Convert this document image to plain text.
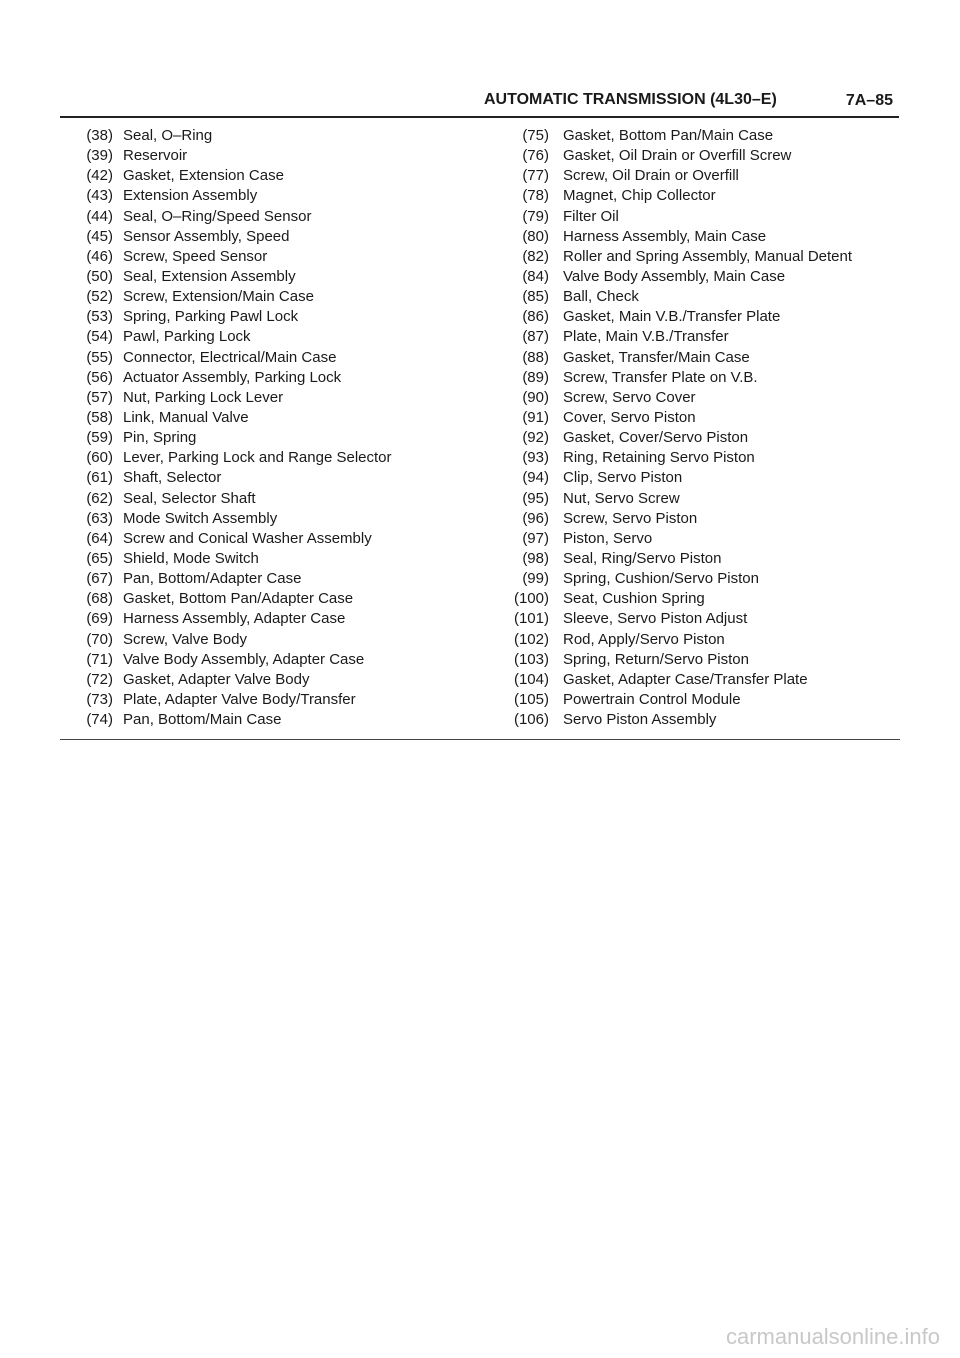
AUTOMATIC TRANSMISSION (4L30–E)	7A–85
(38) Seal, O–Ring
(39) Reservoir
(42) Gasket, Extension Case
(43) Extension Assembly
(44) Seal, O–Ring/Speed Sensor
(45) Sensor Assembly, Speed
(46) Screw, Speed Sensor
(50) Seal, Extension Assembly
(52) Screw, Extension/Main Case
(53) Spring, Parking Pawl Lock
(54) Pawl, Parking Lock
(55) Connector, Electrical/Main Case
(56) Actuator Assembly, Parking Lock
(57) Nut, Parking Lock Lever
(58) Link, Manual Valve
(59) Pin, Spring
(60) Lever, Parking Lock and Range Selector
(61) Shaft, Selector
(62) Seal, Selector Shaft
(63) Mode Switch Assembly
(64) Screw and Conical Washer Assembly
(65) Shield, Mode Switch
(67) Pan, Bottom/Adapter Case
(68) Gasket, Bottom Pan/Adapter Case
(69) Harness Assembly, Adapter Case
(70) Screw, Valve Body
(71) Valve Body Assembly, Adapter Case
(72) Gasket, Adapter Valve Body
(73) Plate, Adapter Valve Body/Transfer
(74) Pan, Bottom/Main Case
(75) Gasket, Bottom Pan/Main Case
(76) Gasket, Oil Drain or Overfill Screw
(77) Screw, Oil Drain or Overfill
(78) Magnet, Chip Collector
(79) Filter Oil
(80) Harness Assembly, Main Case
(82) Roller and Spring Assembly, Manual Detent
(84) Valve Body Assembly, Main Case
(85) Ball, Check
(86) Gasket, Main V.B./Transfer Plate
(87) Plate, Main V.B./Transfer
(88) Gasket, Transfer/Main Case
(89) Screw, Transfer Plate on V.B.
(90) Screw, Servo Cover
(91) Cover, Servo Piston
(92) Gasket, Cover/Servo Piston
(93) Ring, Retaining Servo Piston
(94) Clip, Servo Piston
(95) Nut, Servo Screw
(96) Screw, Servo Piston
(97) Piston, Servo
(98) Seal, Ring/Servo Piston
(99) Spring, Cushion/Servo Piston
(100) Seat, Cushion Spring
(101) Sleeve, Servo Piston Adjust
(102) Rod, Apply/Servo Piston
(103) Spring, Return/Servo Piston
(104) Gasket, Adapter Case/Transfer Plate
(105) Powertrain Control Module
(106) Servo Piston Assembly
carmanualsonline.info
